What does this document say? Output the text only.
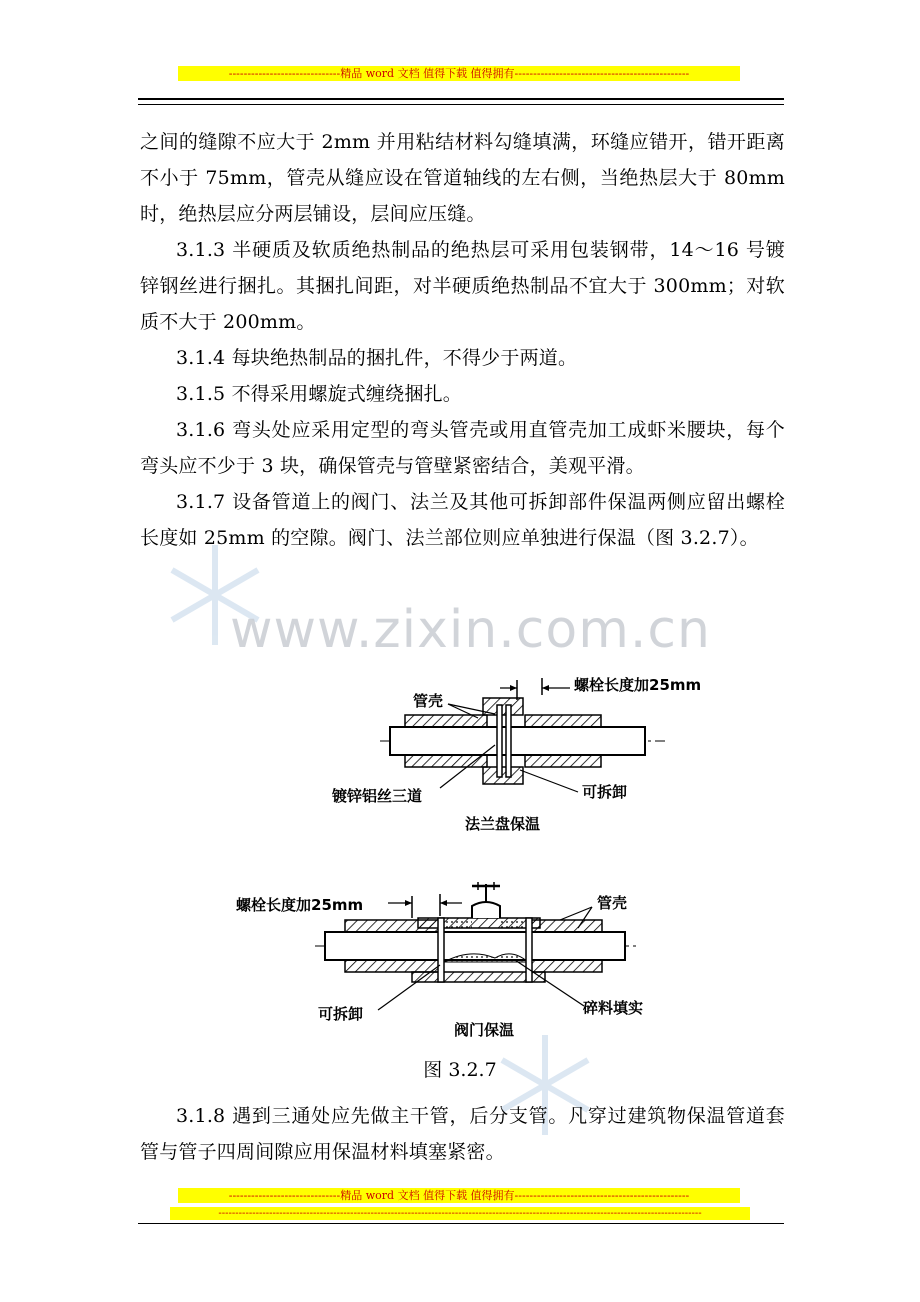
------------------------------精品 word 文档 值得下载 值得拥有-----------------------------------------------
www.zixin.com.cn

之间的缝隙不应大于 2mm 并用粘结材料勾缝填满，环缝应错开，错开距离不小于 75mm，管壳从缝应设在管道轴线的左右侧，当绝热层大于 80mm 时，绝热层应分两层铺设，层间应压缝。

3.1.3 半硬质及软质绝热制品的绝热层可采用包装钢带，14～16 号镀锌钢丝进行捆扎。其捆扎间距，对半硬质绝热制品不宜大于 300mm；对软质不大于 200mm。

3.1.4 每块绝热制品的捆扎件，不得少于两道。

3.1.5 不得采用螺旋式缠绕捆扎。

3.1.6 弯头处应采用定型的弯头管壳或用直管壳加工成虾米腰块，每个弯头应不少于 3 块，确保管壳与管壁紧密结合，美观平滑。

3.1.7 设备管道上的阀门、法兰及其他可拆卸部件保温两侧应留出螺栓长度如 25mm 的空隙。阀门、法兰部位则应单独进行保温（图 3.2.7）。

管壳
螺栓长度加25mm
镀锌铝丝三道	可拆卸
法兰盘保温
螺栓长度加25mm	管壳
可拆卸	碎料填实
阀门保温
图 3.2.7

3.1.8 遇到三通处应先做主干管，后分支管。凡穿过建筑物保温管道套管与管子四周间隙应用保温材料填塞紧密。

------------------------------精品 word 文档 值得下载 值得拥有-----------------------------------------------
-----------------------------------------------------------------------------------------------------------------------------------------------
